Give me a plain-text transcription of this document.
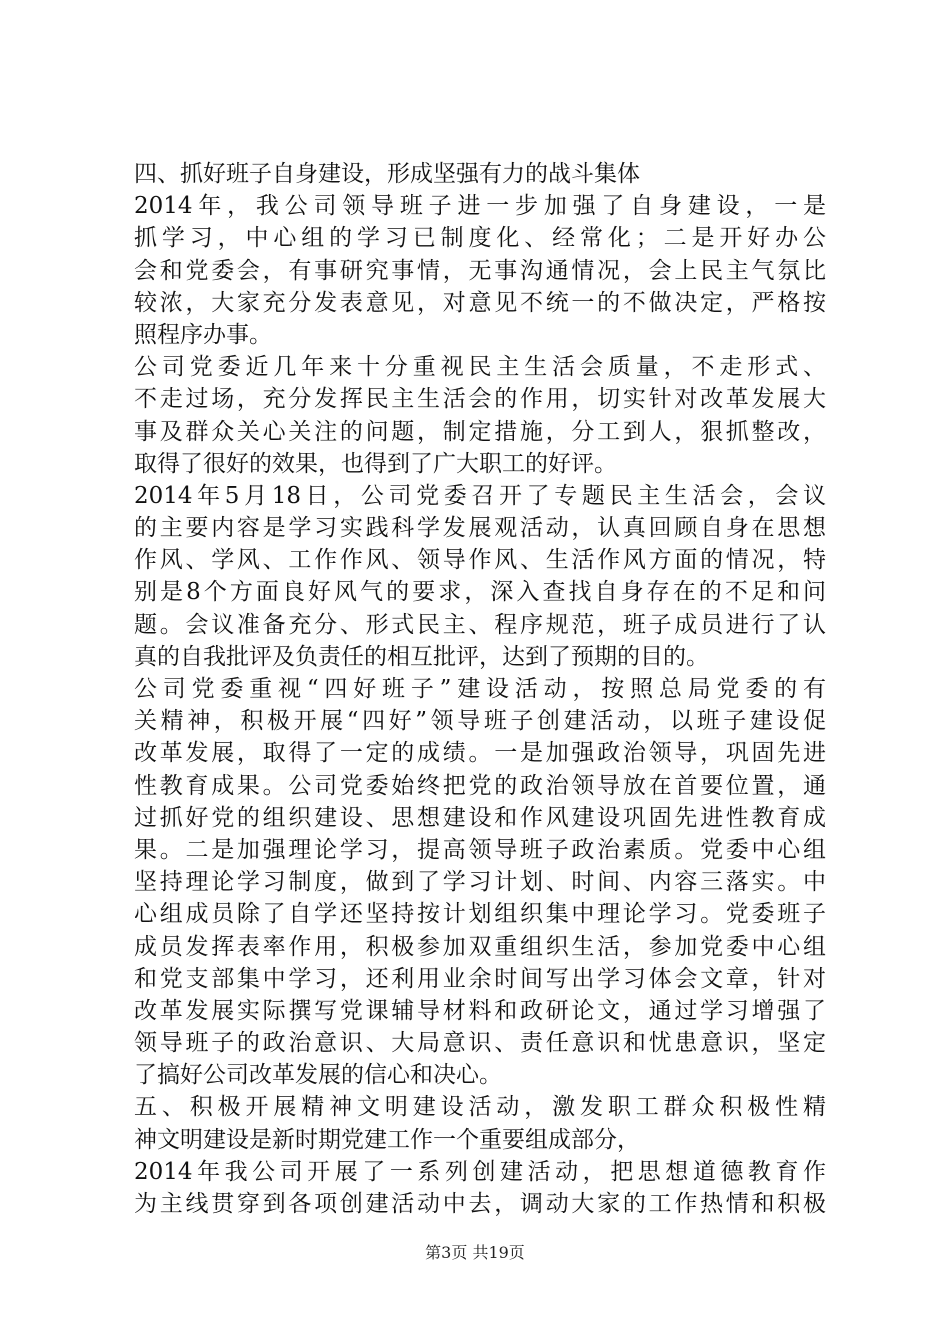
四、抓好班子自身建设，形成坚强有力的战斗集体
2014年，我公司领导班子进一步加强了自身建设，一是
抓学习，中心组的学习已制度化、经常化；二是开好办公
会和党委会，有事研究事情，无事沟通情况，会上民主气氛比
较浓，大家充分发表意见，对意见不统一的不做决定，严格按
照程序办事。
公司党委近几年来十分重视民主生活会质量，不走形式、
不走过场，充分发挥民主生活会的作用，切实针对改革发展大
事及群众关心关注的问题，制定措施，分工到人，狠抓整改，
取得了很好的效果，也得到了广大职工的好评。
2014年5月18日，公司党委召开了专题民主生活会，会议
的主要内容是学习实践科学发展观活动，认真回顾自身在思想
作风、学风、工作作风、领导作风、生活作风方面的情况，特
别是8个方面良好风气的要求，深入查找自身存在的不足和问
题。会议准备充分、形式民主、程序规范，班子成员进行了认
真的自我批评及负责任的相互批评，达到了预期的目的。
公司党委重视“四好班子”建设活动，按照总局党委的有
关精神，积极开展“四好”领导班子创建活动，以班子建设促
改革发展，取得了一定的成绩。一是加强政治领导，巩固先进
性教育成果。公司党委始终把党的政治领导放在首要位置，通
过抓好党的组织建设、思想建设和作风建设巩固先进性教育成
果。二是加强理论学习，提高领导班子政治素质。党委中心组
坚持理论学习制度，做到了学习计划、时间、内容三落实。中
心组成员除了自学还坚持按计划组织集中理论学习。党委班子
成员发挥表率作用，积极参加双重组织生活，参加党委中心组
和党支部集中学习，还利用业余时间写出学习体会文章，针对
改革发展实际撰写党课辅导材料和政研论文，通过学习增强了
领导班子的政治意识、大局意识、责任意识和忧患意识，坚定
了搞好公司改革发展的信心和决心。
五、积极开展精神文明建设活动，激发职工群众积极性精
神文明建设是新时期党建工作一个重要组成部分，
2014年我公司开展了一系列创建活动，把思想道德教育作
为主线贯穿到各项创建活动中去，调动大家的工作热情和积极
第3页 共19页
